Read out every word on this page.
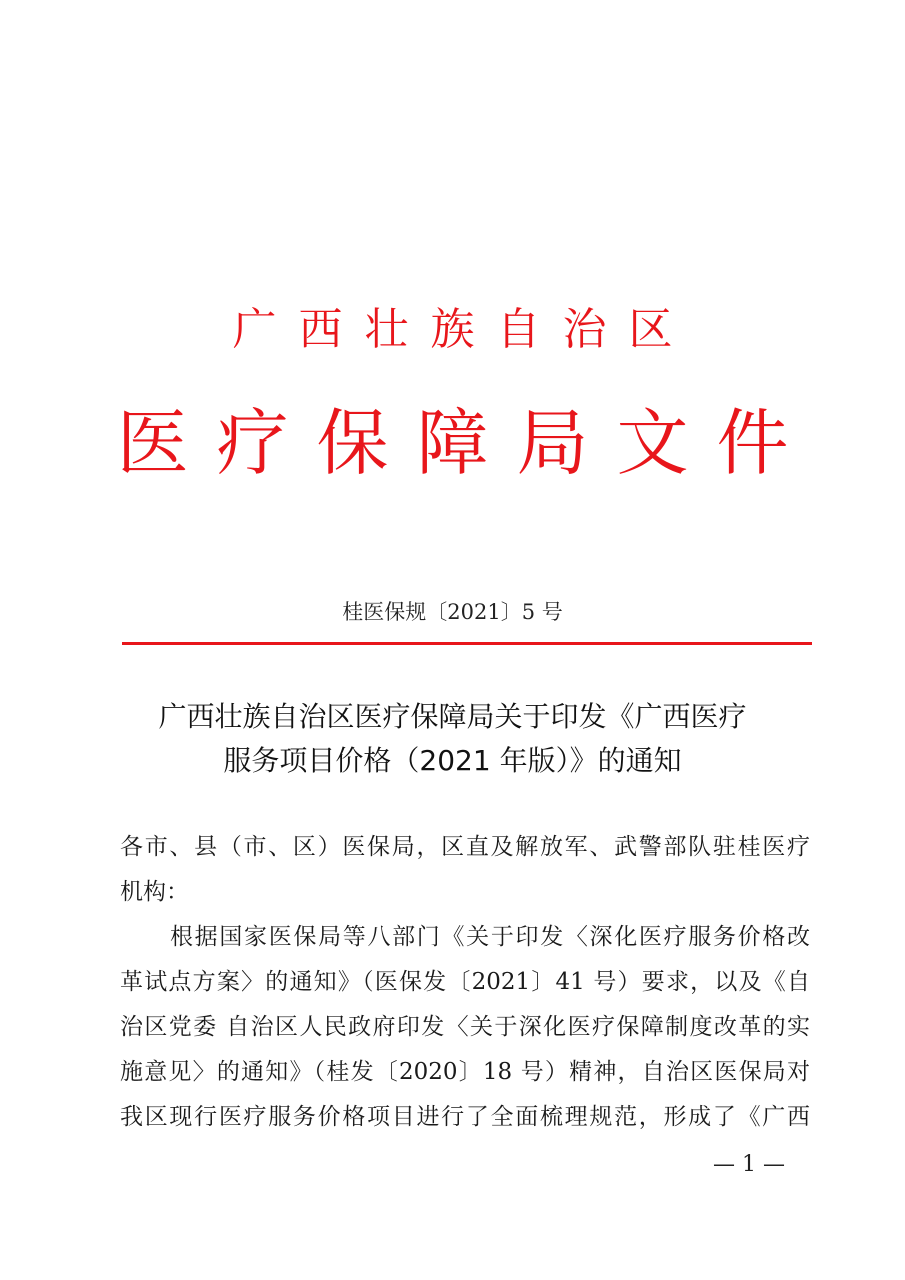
广西壮族自治区
医疗保障局文件
桂医保规〔2021〕5 号
广西壮族自治区医疗保障局关于印发《广西医疗
服务项目价格（2021 年版）》的通知
各市、县（市、区）医保局，区直及解放军、武警部队驻桂医疗
机构：
根据国家医保局等八部门《关于印发〈深化医疗服务价格改
革试点方案〉的通知》（医保发〔2021〕41 号）要求，以及《自
治区党委 自治区人民政府印发〈关于深化医疗保障制度改革的实
施意见〉的通知》（桂发〔2020〕18 号）精神，自治区医保局对
我区现行医疗服务价格项目进行了全面梳理规范，形成了《广西
— 1 —
